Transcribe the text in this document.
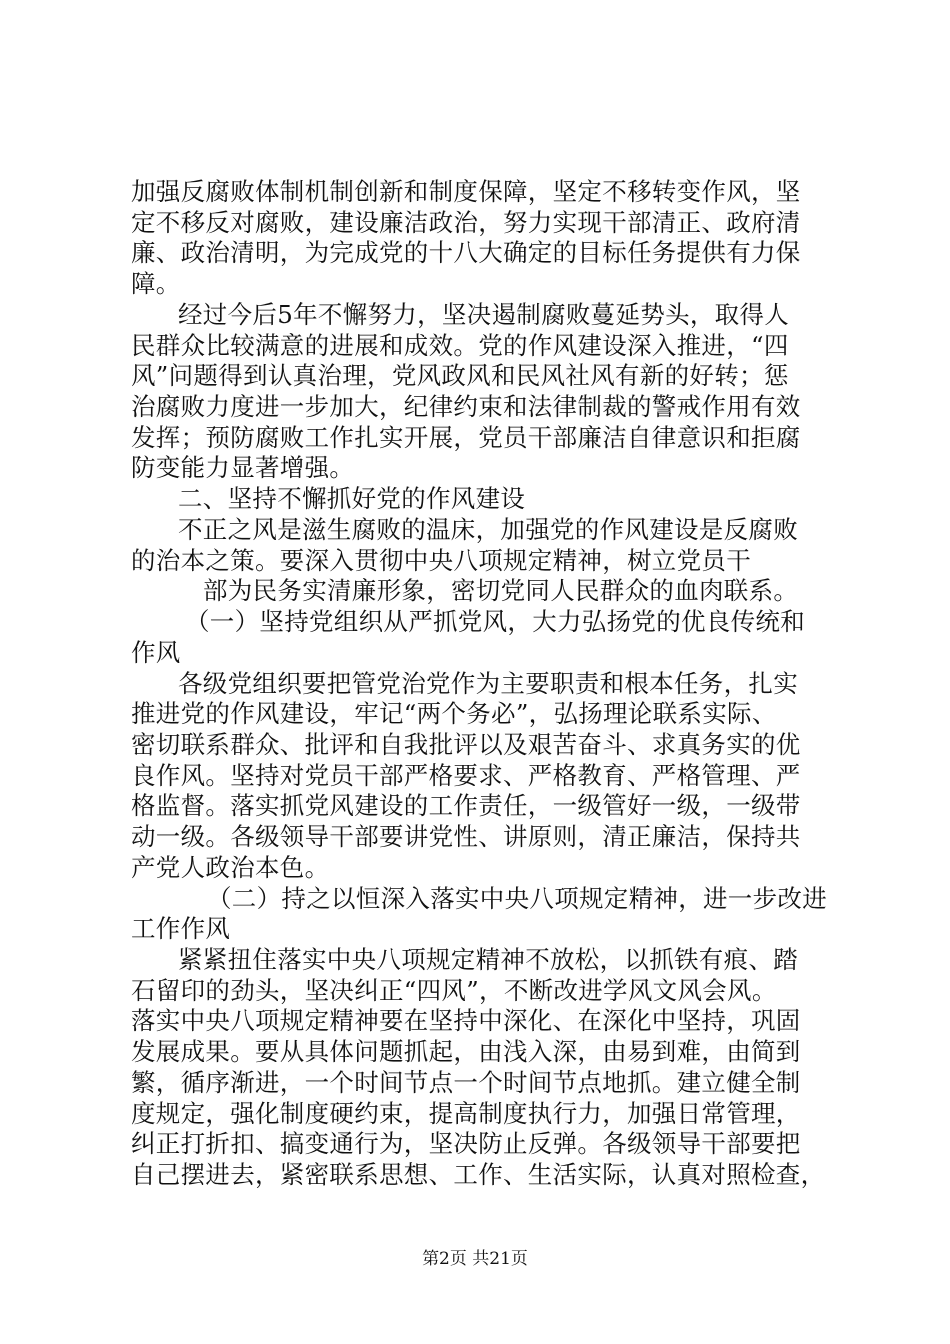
加强反腐败体制机制创新和制度保障，坚定不移转变作风，坚
定不移反对腐败，建设廉洁政治，努力实现干部清正、政府清
廉、政治清明，为完成党的十八大确定的目标任务提供有力保
障。
经过今后5年不懈努力，坚决遏制腐败蔓延势头，取得人
民群众比较满意的进展和成效。党的作风建设深入推进，“四
风”问题得到认真治理，党风政风和民风社风有新的好转；惩
治腐败力度进一步加大，纪律约束和法律制裁的警戒作用有效
发挥；预防腐败工作扎实开展，党员干部廉洁自律意识和拒腐
防变能力显著增强。
二、坚持不懈抓好党的作风建设
不正之风是滋生腐败的温床，加强党的作风建设是反腐败
的治本之策。要深入贯彻中央八项规定精神，树立党员干
部为民务实清廉形象，密切党同人民群众的血肉联系。
（一）坚持党组织从严抓党风，大力弘扬党的优良传统和
作风
各级党组织要把管党治党作为主要职责和根本任务，扎实
推进党的作风建设，牢记“两个务必”，弘扬理论联系实际、
密切联系群众、批评和自我批评以及艰苦奋斗、求真务实的优
良作风。坚持对党员干部严格要求、严格教育、严格管理、严
格监督。落实抓党风建设的工作责任，一级管好一级，一级带
动一级。各级领导干部要讲党性、讲原则，清正廉洁，保持共
产党人政治本色。
（二）持之以恒深入落实中央八项规定精神，进一步改进
工作作风
紧紧扭住落实中央八项规定精神不放松，以抓铁有痕、踏
石留印的劲头，坚决纠正“四风”，不断改进学风文风会风。
落实中央八项规定精神要在坚持中深化、在深化中坚持，巩固
发展成果。要从具体问题抓起，由浅入深，由易到难，由简到
繁，循序渐进，一个时间节点一个时间节点地抓。建立健全制
度规定，强化制度硬约束，提高制度执行力，加强日常管理，
纠正打折扣、搞变通行为，坚决防止反弹。各级领导干部要把
自己摆进去，紧密联系思想、工作、生活实际，认真对照检查，
第2页 共21页
